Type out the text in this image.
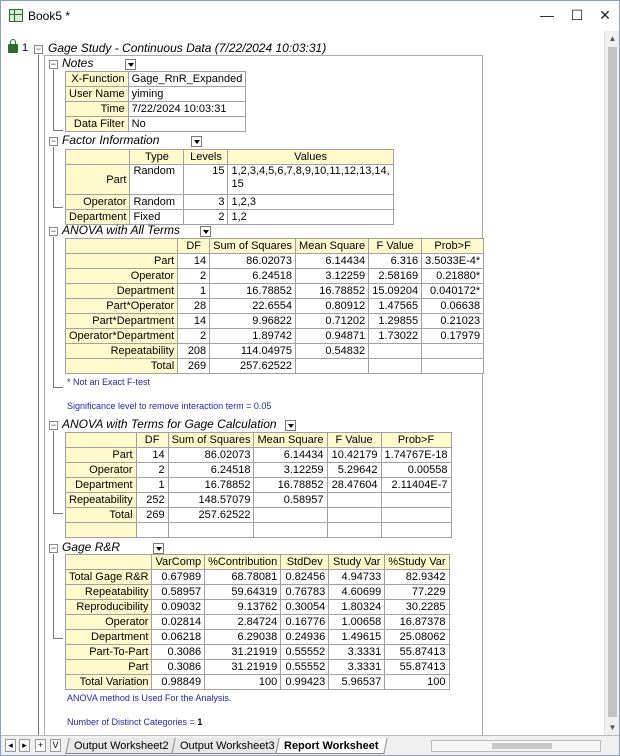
Book5 *	—	☐	✕
1 − Gage Study - Continuous Data (7/22/2024 10:03:31)
− Notes
X-Function	Gage_RnR_Expanded
User Name	yiming
Time	7/22/2024 10:03:31
Data Filter	No
− Factor Information
	Type	Levels	Values
Part	Random	15	1,2,3,4,5,6,7,8,9,10,11,12,13,14,
15

Operator	Random	3	1,2,3
Department	Fixed	2	1,2
− ANOVA with All Terms
	DF	Sum of Squares	Mean Square	F Value	Prob>F
Part	14	86.02073	6.14434	6.316	3.5033E-4*
Operator	2	6.24518	3.12259	2.58169	0.21880*
Department	1	16.78852	16.78852	15.09204	0.040172*
Part*Operator	28	22.6554	0.80912	1.47565	0.06638
Part*Department	14	9.96822	0.71202	1.29855	0.21023
Operator*Department	2	1.89742	0.94871	1.73022	0.17979
Repeatability	208	114.04975	0.54832		
Total	269	257.62522			
* Not an Exact F-test
Significance level to remove interaction term = 0.05
− ANOVA with Terms for Gage Calculation
	DF	Sum of Squares	Mean Square	F Value	Prob>F
Part	14	86.02073	6.14434	10.42179	1.74767E-18
Operator	2	6.24518	3.12259	5.29642	0.00558
Department	1	16.78852	16.78852	28.47604	2.11404E-7
Repeatability	252	148.57079	0.58957		
Total	269	257.62522			

− Gage R&R
	VarComp	%Contribution	StdDev	Study Var	%Study Var
Total Gage R&R	0.67989	68.78081	0.82456	4.94733	82.9342
Repeatability	0.58957	59.64319	0.76783	4.60699	77.229
Reproducibility	0.09032	9.13762	0.30054	1.80324	30.2285
Operator	0.02814	2.84724	0.16776	1.00658	16.87378
Department	0.06218	6.29038	0.24936	1.49615	25.08062
Part-To-Part	0.3086	31.21919	0.55552	3.3331	55.87413
Part	0.3086	31.21919	0.55552	3.3331	55.87413
Total Variation	0.98849	100	0.99423	5.96537	100
ANOVA method is Used For the Analysis.
Number of Distinct Categories = 1
▲
▼
◂	▸	+	V	Output Worksheet2	Output Worksheet3 Report Worksheet
